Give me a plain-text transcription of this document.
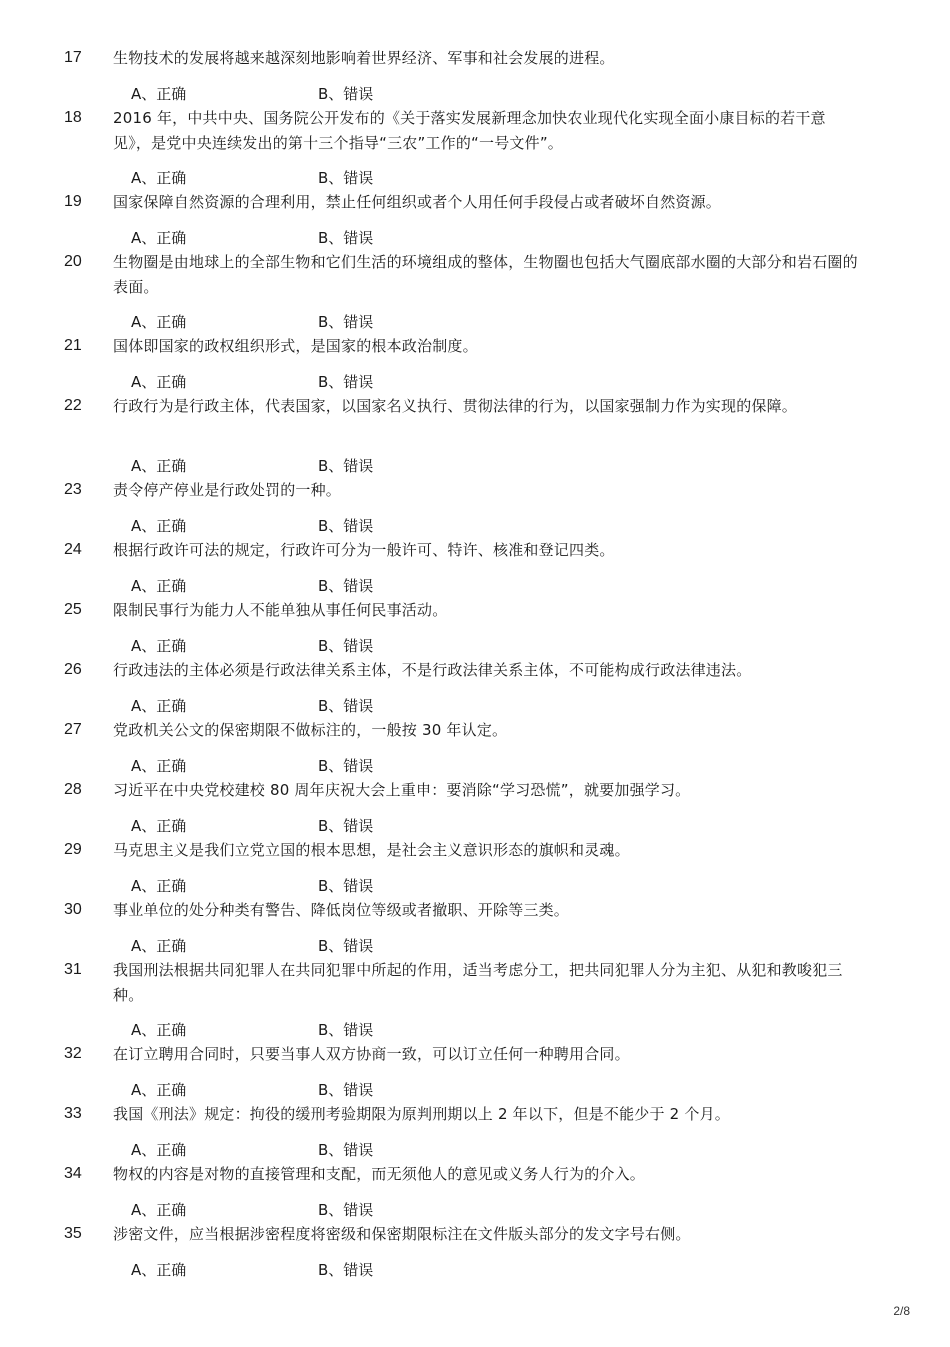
17 生物技术的发展将越来越深刻地影响着世界经济、军事和社会发展的进程。
A、正确	B、错误
18 2016 年，中共中央、国务院公开发布的《关于落实发展新理念加快农业现代化实现全面小康目标的若干意见》，是党中央连续发出的第十三个指导“三农”工作的“一号文件”。
A、正确	B、错误
19 国家保障自然资源的合理利用，禁止任何组织或者个人用任何手段侵占或者破坏自然资源。
A、正确	B、错误
20 生物圈是由地球上的全部生物和它们生活的环境组成的整体，生物圈也包括大气圈底部水圈的大部分和岩石圈的表面。
A、正确	B、错误
21 国体即国家的政权组织形式，是国家的根本政治制度。
A、正确	B、错误
22 行政行为是行政主体，代表国家，以国家名义执行、贯彻法律的行为，以国家强制力作为实现的保障。
A、正确	B、错误
23 责令停产停业是行政处罚的一种。
A、正确	B、错误
24 根据行政许可法的规定，行政许可分为一般许可、特许、核准和登记四类。
A、正确	B、错误
25 限制民事行为能力人不能单独从事任何民事活动。
A、正确	B、错误
26 行政违法的主体必须是行政法律关系主体，不是行政法律关系主体，不可能构成行政法律违法。
A、正确	B、错误
27 党政机关公文的保密期限不做标注的，一般按 30 年认定。
A、正确	B、错误
28 习近平在中央党校建校 80 周年庆祝大会上重申：要消除“学习恐慌”，就要加强学习。
A、正确	B、错误
29 马克思主义是我们立党立国的根本思想，是社会主义意识形态的旗帜和灵魂。
A、正确	B、错误
30 事业单位的处分种类有警告、降低岗位等级或者撤职、开除等三类。
A、正确	B、错误
31 我国刑法根据共同犯罪人在共同犯罪中所起的作用，适当考虑分工，把共同犯罪人分为主犯、从犯和教唆犯三种。
A、正确	B、错误
32 在订立聘用合同时，只要当事人双方协商一致，可以订立任何一种聘用合同。
A、正确	B、错误
33 我国《刑法》规定：拘役的缓刑考验期限为原判刑期以上 2 年以下，但是不能少于 2 个月。
A、正确	B、错误
34 物权的内容是对物的直接管理和支配，而无须他人的意见或义务人行为的介入。
A、正确	B、错误
35 涉密文件，应当根据涉密程度将密级和保密期限标注在文件版头部分的发文字号右侧。
A、正确	B、错误
2/8
